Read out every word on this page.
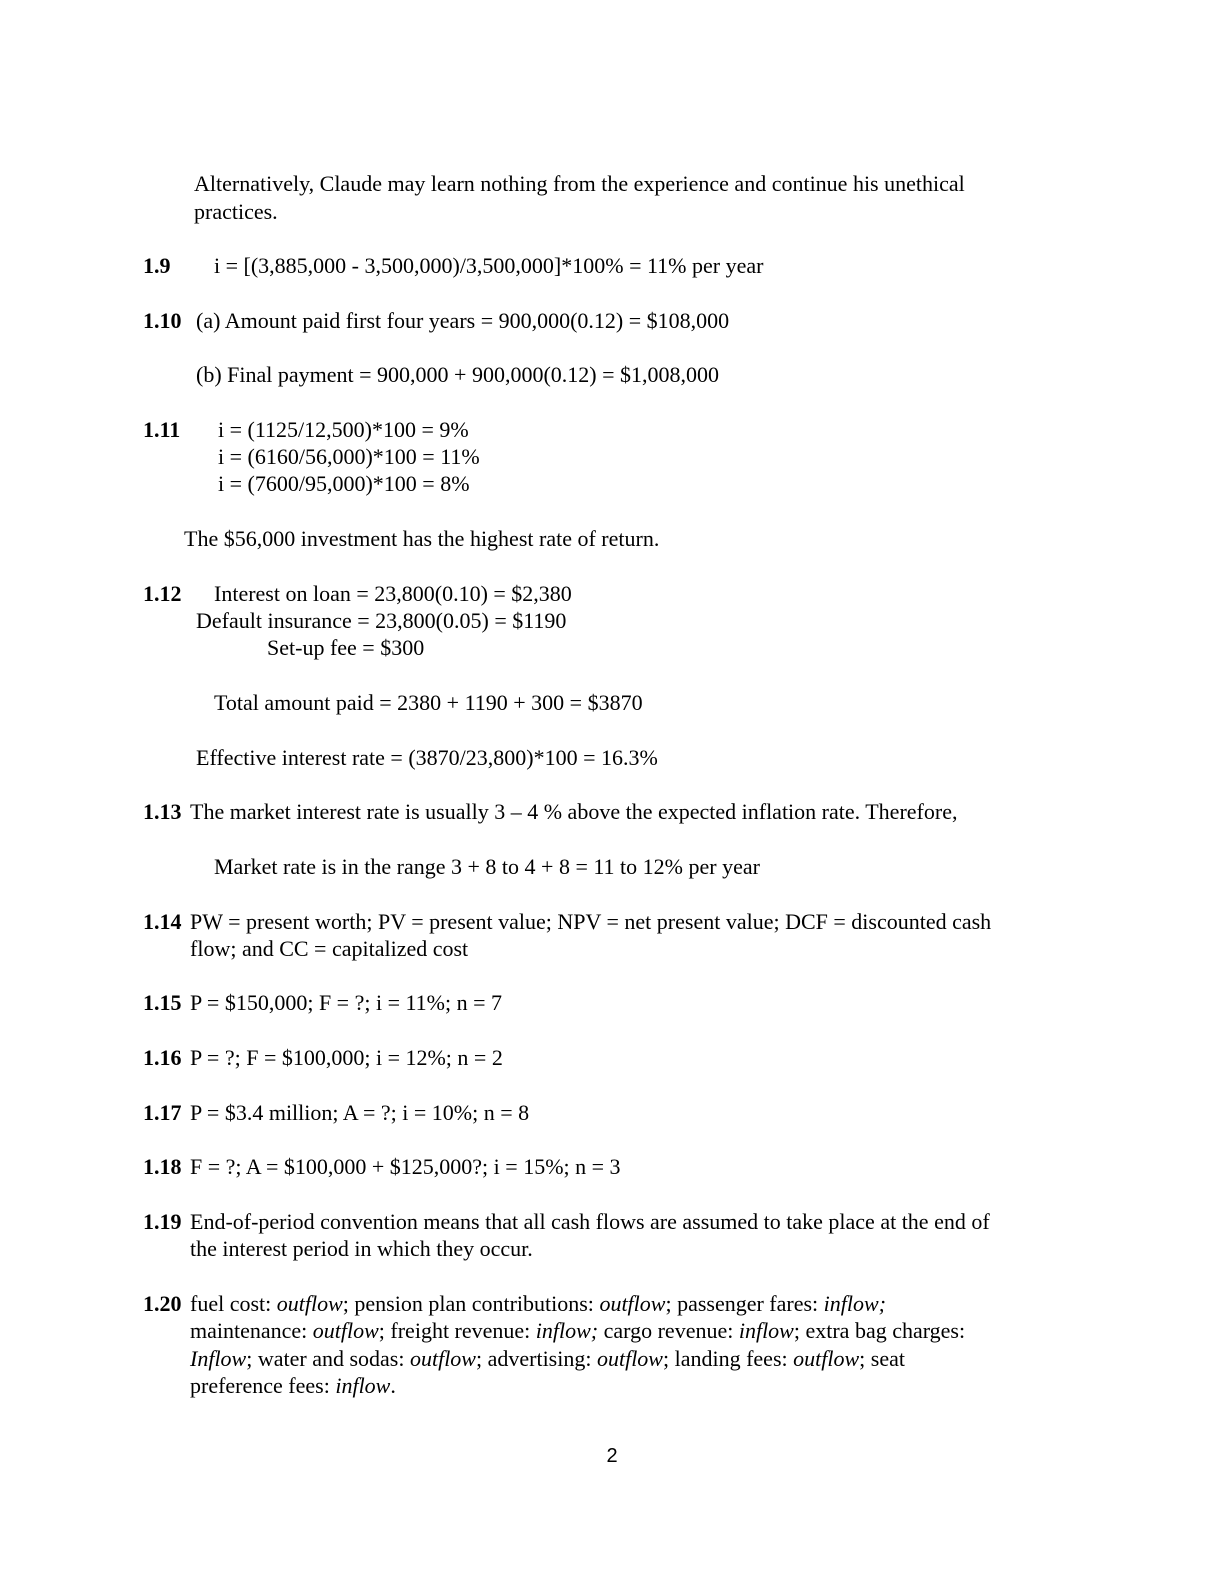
Alternatively, Claude may learn nothing from the experience and continue his unethical
practices.
1.9 i = [(3,885,000 - 3,500,000)/3,500,000]*100% = 11% per year
1.10 (a) Amount paid first four years = 900,000(0.12) = $108,000
(b) Final payment = 900,000 + 900,000(0.12) = $1,008,000
1.11 i = (1125/12,500)*100 = 9%
i = (6160/56,000)*100 = 11%
i = (7600/95,000)*100 = 8%
The $56,000 investment has the highest rate of return.
1.12 Interest on loan = 23,800(0.10) = $2,380
Default insurance = 23,800(0.05) = $1190
Set-up fee = $300
Total amount paid = 2380 + 1190 + 300 = $3870
Effective interest rate = (3870/23,800)*100 = 16.3%
1.13 The market interest rate is usually 3 – 4 % above the expected inflation rate. Therefore,
Market rate is in the range 3 + 8 to 4 + 8 = 11 to 12% per year
1.14 PW = present worth; PV = present value; NPV = net present value; DCF = discounted cash
flow; and CC = capitalized cost
1.15 P = $150,000; F = ?; i = 11%; n = 7
1.16 P = ?; F = $100,000; i = 12%; n = 2
1.17 P = $3.4 million; A = ?; i = 10%; n = 8
1.18 F = ?; A = $100,000 + $125,000?; i = 15%; n = 3
1.19 End-of-period convention means that all cash flows are assumed to take place at the end of
the interest period in which they occur.
1.20 fuel cost: outflow; pension plan contributions: outflow; passenger fares: inflow;
maintenance: outflow; freight revenue: inflow; cargo revenue: inflow; extra bag charges:
Inflow; water and sodas: outflow; advertising: outflow; landing fees: outflow; seat
preference fees: inflow.
2
